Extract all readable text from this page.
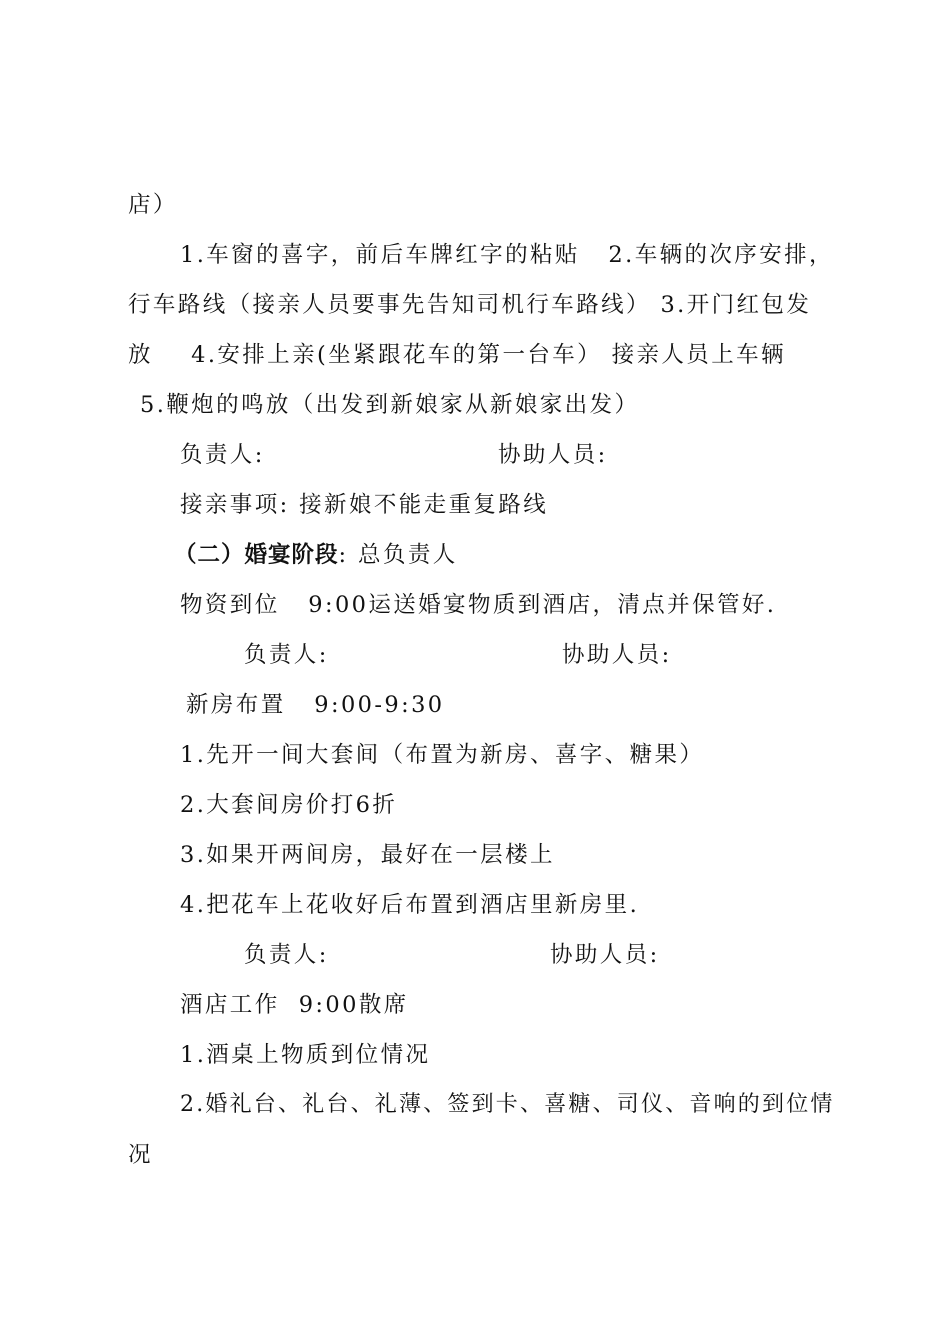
店）

1.车窗的喜字，前后车牌红字的粘贴   2.车辆的次序安排，

行车路线（接亲人员要事先告知司机行车路线） 3.开门红包发

放    4.安排上亲(坐紧跟花车的第一台车） 接亲人员上车辆

5.鞭炮的鸣放（出发到新娘家从新娘家出发）

负责人:	协助人员:

接亲事项: 接新娘不能走重复路线

（二）婚宴阶段: 总负责人

物资到位   9:00运送婚宴物质到酒店，清点并保管好.

负责人:	协助人员:

新房布置   9:00-9:30

1.先开一间大套间（布置为新房、喜字、糖果）

2.大套间房价打6折

3.如果开两间房，最好在一层楼上

4.把花车上花收好后布置到酒店里新房里.

负责人:	协助人员:

酒店工作  9:00散席

1.酒桌上物质到位情况

2.婚礼台、礼台、礼薄、签到卡、喜糖、司仪、音响的到位情

况
